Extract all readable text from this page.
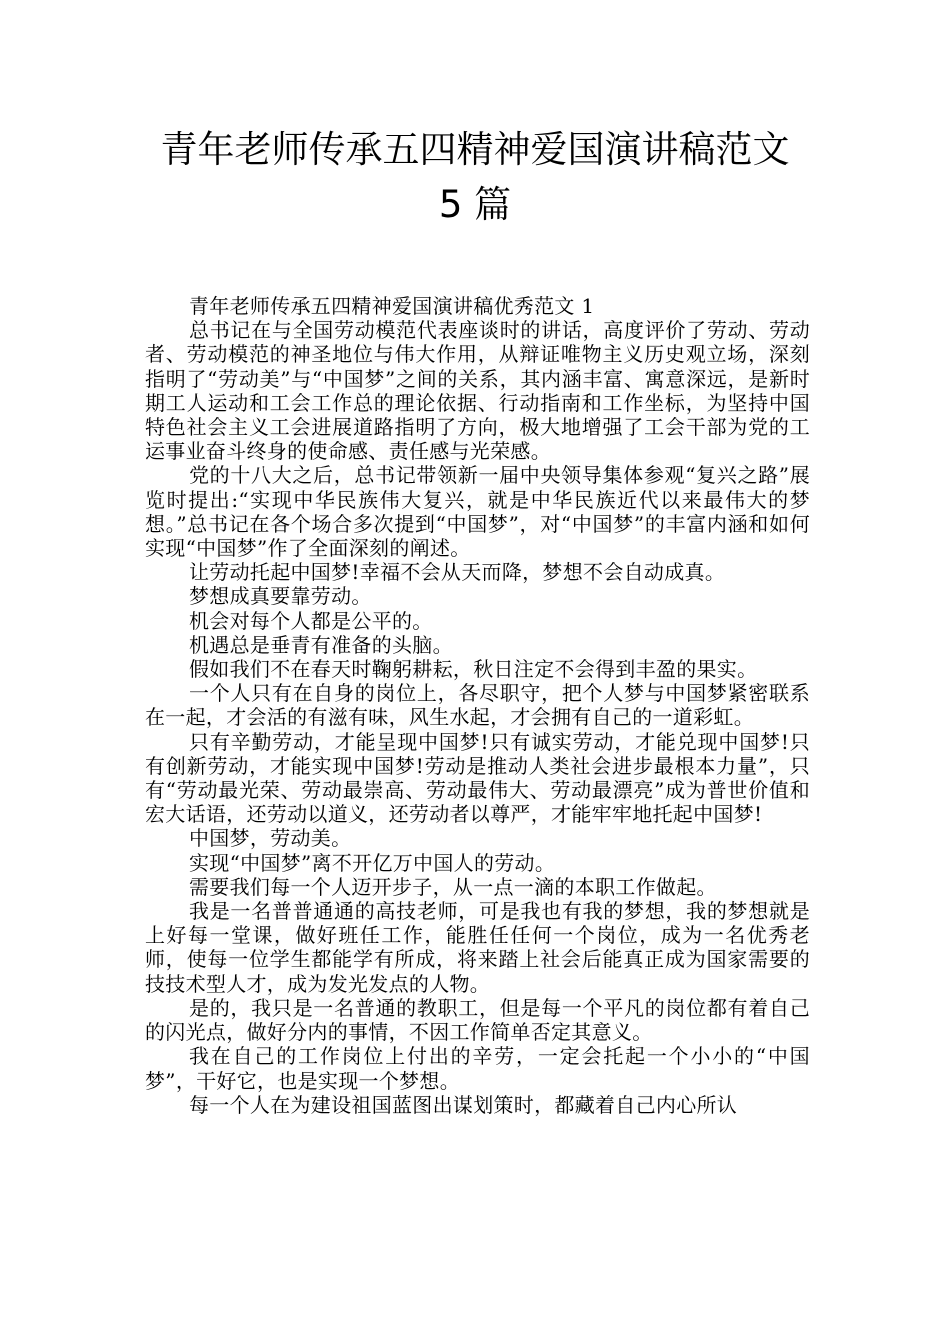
青年老师传承五四精神爱国演讲稿范文
5 篇

青年老师传承五四精神爱国演讲稿优秀范文 1

总书记在与全国劳动模范代表座谈时的讲话，高度评价了劳动、劳动者、劳动模范的神圣地位与伟大作用，从辩证唯物主义历史观立场，深刻指明了“劳动美”与“中国梦”之间的关系，其内涵丰富、寓意深远，是新时期工人运动和工会工作总的理论依据、行动指南和工作坐标，为坚持中国特色社会主义工会进展道路指明了方向，极大地增强了工会干部为党的工运事业奋斗终身的使命感、责任感与光荣感。

党的十八大之后，总书记带领新一届中央领导集体参观“复兴之路”展览时提出:“实现中华民族伟大复兴，就是中华民族近代以来最伟大的梦想。”总书记在各个场合多次提到“中国梦”，对“中国梦”的丰富内涵和如何实现“中国梦”作了全面深刻的阐述。

让劳动托起中国梦!幸福不会从天而降，梦想不会自动成真。

梦想成真要靠劳动。

机会对每个人都是公平的。

机遇总是垂青有准备的头脑。

假如我们不在春天时鞠躬耕耘，秋日注定不会得到丰盈的果实。

一个人只有在自身的岗位上，各尽职守，把个人梦与中国梦紧密联系在一起，才会活的有滋有味，风生水起，才会拥有自己的一道彩虹。

只有辛勤劳动，才能呈现中国梦!只有诚实劳动，才能兑现中国梦!只有创新劳动，才能实现中国梦!劳动是推动人类社会进步最根本力量”，只有“劳动最光荣、劳动最崇高、劳动最伟大、劳动最漂亮”成为普世价值和宏大话语，还劳动以道义，还劳动者以尊严，才能牢牢地托起中国梦!

中国梦，劳动美。

实现“中国梦”离不开亿万中国人的劳动。

需要我们每一个人迈开步子，从一点一滴的本职工作做起。

我是一名普普通通的高技老师，可是我也有我的梦想，我的梦想就是上好每一堂课，做好班任工作，能胜任任何一个岗位，成为一名优秀老师，使每一位学生都能学有所成，将来踏上社会后能真正成为国家需要的技技术型人才，成为发光发点的人物。

是的，我只是一名普通的教职工，但是每一个平凡的岗位都有着自己的闪光点，做好分内的事情，不因工作简单否定其意义。

我在自己的工作岗位上付出的辛劳，一定会托起一个小小的“中国梦”，干好它，也是实现一个梦想。

每一个人在为建设祖国蓝图出谋划策时，都藏着自己内心所认
